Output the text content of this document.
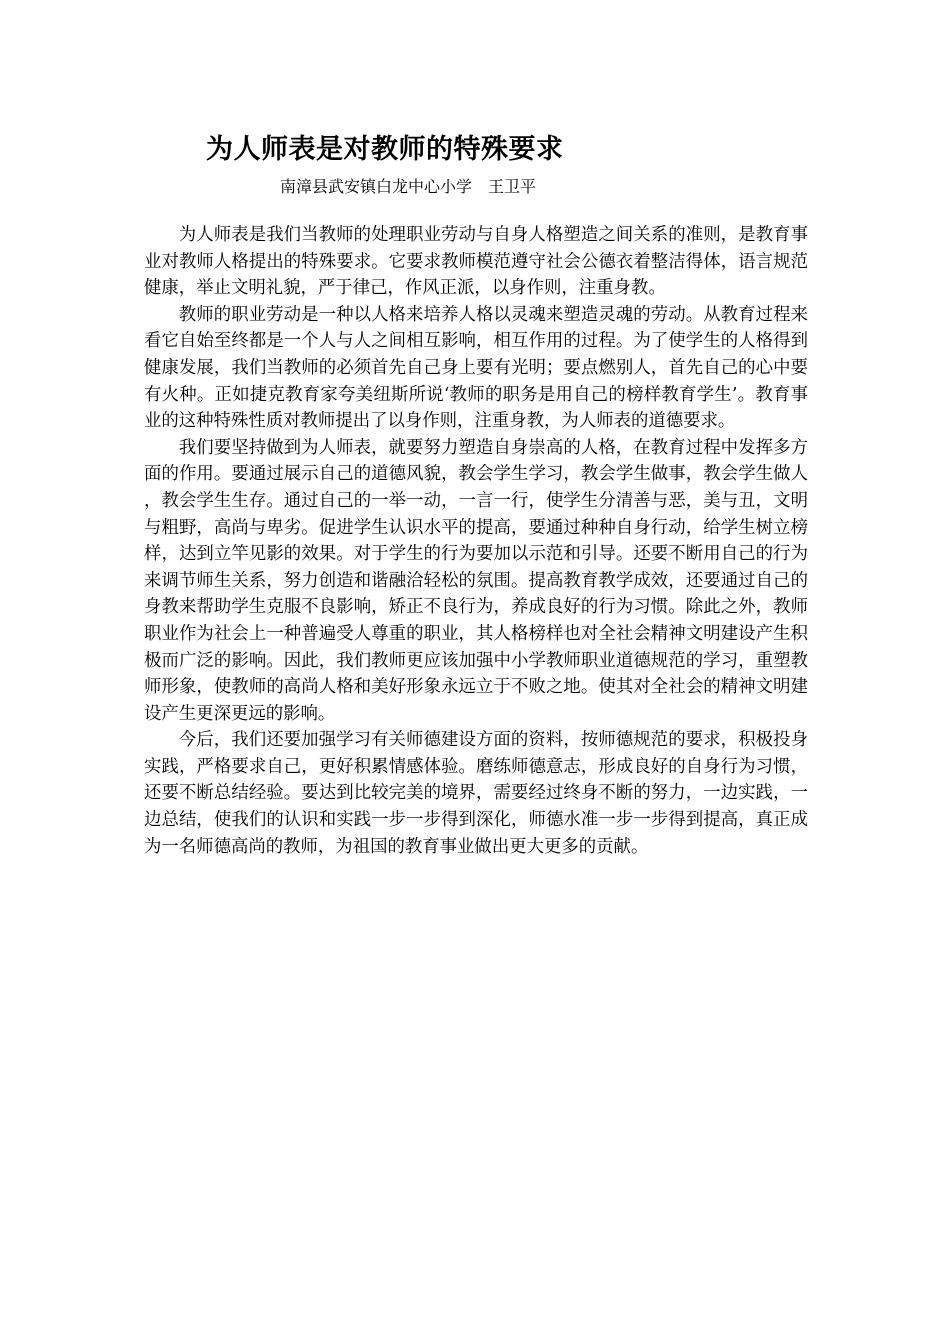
为人师表是对教师的特殊要求

南漳县武安镇白龙中心小学 王卫平

为人师表是我们当教师的处理职业劳动与自身人格塑造之间关系的准则，是教育事业对教师人格提出的特殊要求。它要求教师模范遵守社会公德衣着整洁得体，语言规范健康，举止文明礼貌，严于律己，作风正派，以身作则，注重身教。

教师的职业劳动是一种以人格来培养人格以灵魂来塑造灵魂的劳动。从教育过程来看它自始至终都是一个人与人之间相互影响，相互作用的过程。为了使学生的人格得到健康发展，我们当教师的必须首先自己身上要有光明；要点燃别人，首先自己的心中要有火种。正如捷克教育家夸美纽斯所说‘教师的职务是用自己的榜样教育学生’。教育事业的这种特殊性质对教师提出了以身作则，注重身教，为人师表的道德要求。

我们要坚持做到为人师表，就要努力塑造自身崇高的人格，在教育过程中发挥多方面的作用。要通过展示自己的道德风貌，教会学生学习，教会学生做事，教会学生做人，教会学生生存。通过自己的一举一动，一言一行，使学生分清善与恶，美与丑，文明与粗野，高尚与卑劣。促进学生认识水平的提高，要通过种种自身行动，给学生树立榜样，达到立竿见影的效果。对于学生的行为要加以示范和引导。还要不断用自己的行为来调节师生关系，努力创造和谐融洽轻松的氛围。提高教育教学成效，还要通过自己的身教来帮助学生克服不良影响，矫正不良行为，养成良好的行为习惯。除此之外，教师职业作为社会上一种普遍受人尊重的职业，其人格榜样也对全社会精神文明建设产生积极而广泛的影响。因此，我们教师更应该加强中小学教师职业道德规范的学习，重塑教师形象，使教师的高尚人格和美好形象永远立于不败之地。使其对全社会的精神文明建设产生更深更远的影响。

今后，我们还要加强学习有关师德建设方面的资料，按师德规范的要求，积极投身实践，严格要求自己，更好积累情感体验。磨练师德意志，形成良好的自身行为习惯，还要不断总结经验。要达到比较完美的境界，需要经过终身不断的努力，一边实践，一边总结，使我们的认识和实践一步一步得到深化，师德水准一步一步得到提高，真正成为一名师德高尚的教师，为祖国的教育事业做出更大更多的贡献。
